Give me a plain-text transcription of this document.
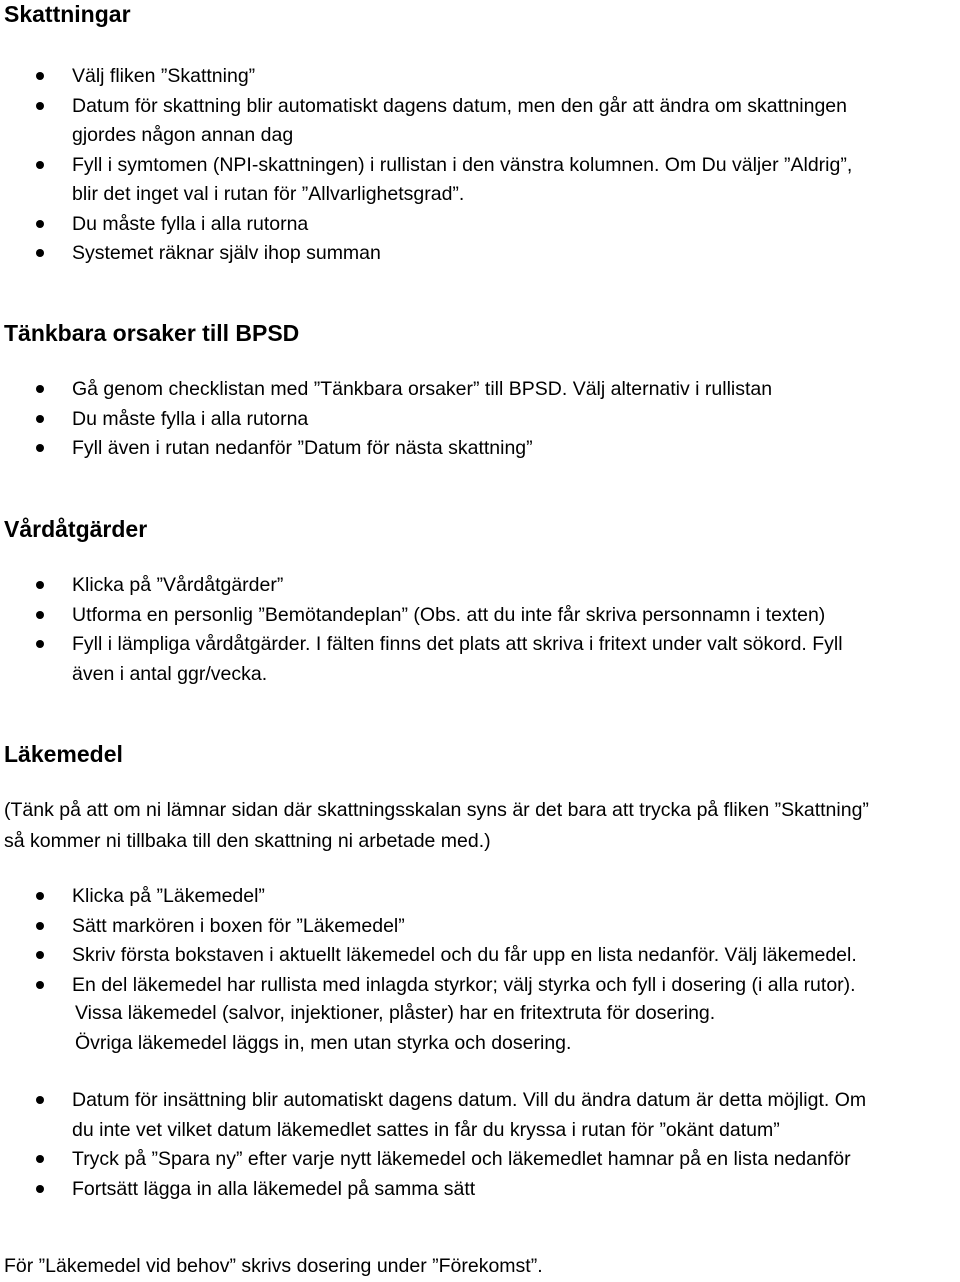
Skattningar
Välj fliken ”Skattning”
Datum för skattning blir automatiskt dagens datum, men den går att ändra om skattningen
gjordes någon annan dag
Fyll i symtomen (NPI-skattningen) i rullistan i den vänstra kolumnen. Om Du väljer ”Aldrig”,
blir det inget val i rutan för ”Allvarlighetsgrad”.
Du måste fylla i alla rutorna
Systemet räknar själv ihop summan
Tänkbara orsaker till BPSD
Gå genom checklistan med ”Tänkbara orsaker” till BPSD. Välj alternativ i rullistan
Du måste fylla i alla rutorna
Fyll även i rutan nedanför ”Datum för nästa skattning”
Vårdåtgärder
Klicka på ”Vårdåtgärder”
Utforma en personlig ”Bemötandeplan” (Obs. att du inte får skriva personnamn i texten)
Fyll i lämpliga vårdåtgärder. I fälten finns det plats att skriva i fritext under valt sökord. Fyll
även i antal ggr/vecka.
Läkemedel

(Tänk på att om ni lämnar sidan där skattningsskalan syns är det bara att trycka på fliken ”Skattning”
så kommer ni tillbaka till den skattning ni arbetade med.)

Klicka på ”Läkemedel”
Sätt markören i boxen för ”Läkemedel”
Skriv första bokstaven i aktuellt läkemedel och du får upp en lista nedanför. Välj läkemedel.
En del läkemedel har rullista med inlagda styrkor; välj styrka och fyll i dosering (i alla rutor).
Vissa läkemedel (salvor, injektioner, plåster) har en fritextruta för dosering.
Övriga läkemedel läggs in, men utan styrka och dosering.
Datum för insättning blir automatiskt dagens datum. Vill du ändra datum är detta möjligt. Om
du inte vet vilket datum läkemedlet sattes in får du kryssa i rutan för ”okänt datum”
Tryck på ”Spara ny” efter varje nytt läkemedel och läkemedlet hamnar på en lista nedanför
Fortsätt lägga in alla läkemedel på samma sätt

För ”Läkemedel vid behov” skrivs dosering under ”Förekomst”.
